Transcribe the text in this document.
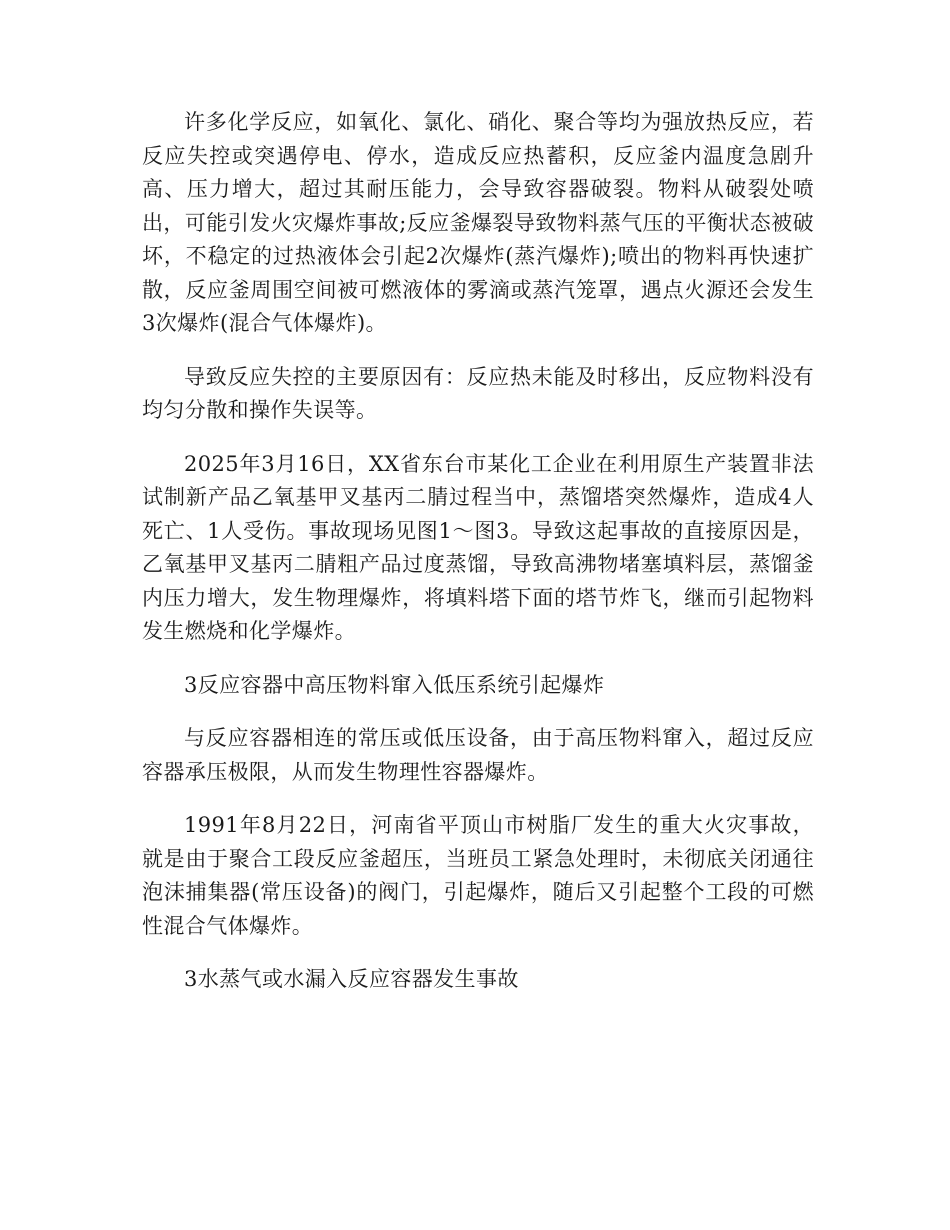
许多化学反应，如氧化、氯化、硝化、聚合等均为强放热反应，若反应失控或突遇停电、停水，造成反应热蓄积，反应釜内温度急剧升高、压力增大，超过其耐压能力，会导致容器破裂。物料从破裂处喷出，可能引发火灾爆炸事故;反应釜爆裂导致物料蒸气压的平衡状态被破坏，不稳定的过热液体会引起2次爆炸(蒸汽爆炸);喷出的物料再快速扩散，反应釜周围空间被可燃液体的雾滴或蒸汽笼罩，遇点火源还会发生3次爆炸(混合气体爆炸)。

导致反应失控的主要原因有：反应热未能及时移出，反应物料没有均匀分散和操作失误等。

2025年3月16日，XX省东台市某化工企业在利用原生产装置非法试制新产品乙氧基甲叉基丙二腈过程当中，蒸馏塔突然爆炸，造成4人死亡、1人受伤。事故现场见图1～图3。导致这起事故的直接原因是，乙氧基甲叉基丙二腈粗产品过度蒸馏，导致高沸物堵塞填料层，蒸馏釜内压力增大，发生物理爆炸，将填料塔下面的塔节炸飞，继而引起物料发生燃烧和化学爆炸。

3反应容器中高压物料窜入低压系统引起爆炸

与反应容器相连的常压或低压设备，由于高压物料窜入，超过反应容器承压极限，从而发生物理性容器爆炸。

1991年8月22日，河南省平顶山市树脂厂发生的重大火灾事故，就是由于聚合工段反应釜超压，当班员工紧急处理时，未彻底关闭通往泡沫捕集器(常压设备)的阀门，引起爆炸，随后又引起整个工段的可燃性混合气体爆炸。

3水蒸气或水漏入反应容器发生事故
